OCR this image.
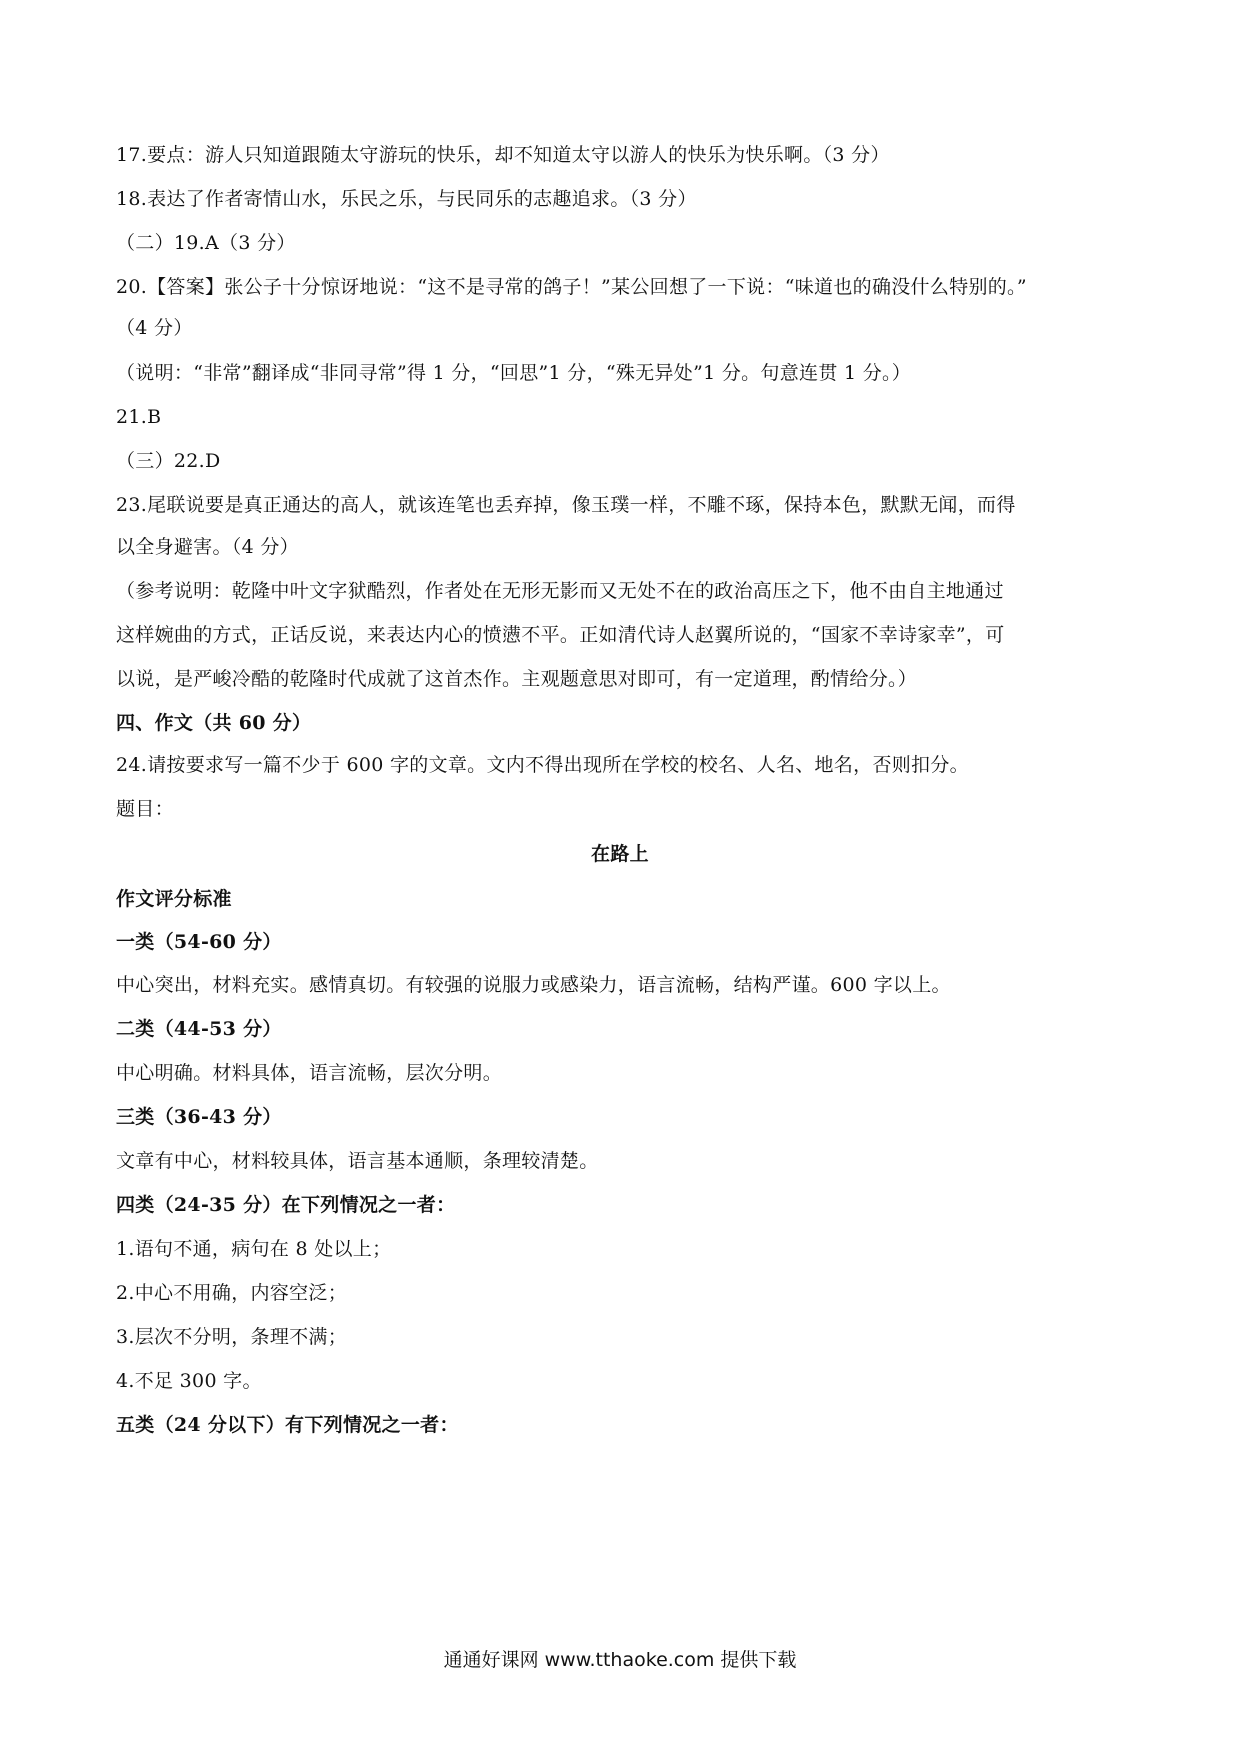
17.要点：游人只知道跟随太守游玩的快乐，却不知道太守以游人的快乐为快乐啊。（3 分）
18.表达了作者寄情山水，乐民之乐，与民同乐的志趣追求。（3 分）
（二）19.A（3 分）
20.【答案】张公子十分惊讶地说：“这不是寻常的鸽子！”某公回想了一下说：“味道也的确没什么特别的。”
（4 分）
（说明：“非常”翻译成“非同寻常”得 1 分，“回思”1 分，“殊无异处”1 分。句意连贯 1 分。）
21.B
（三）22.D
23.尾联说要是真正通达的高人，就该连笔也丢弃掉，像玉璞一样，不雕不琢，保持本色，默默无闻，而得
以全身避害。（4 分）
（参考说明：乾隆中叶文字狱酷烈，作者处在无形无影而又无处不在的政治高压之下，他不由自主地通过
这样婉曲的方式，正话反说，来表达内心的愤懑不平。正如清代诗人赵翼所说的，“国家不幸诗家幸”，可
以说，是严峻冷酷的乾隆时代成就了这首杰作。主观题意思对即可，有一定道理，酌情给分。）
四、作文（共 60 分）
24.请按要求写一篇不少于 600 字的文章。文内不得出现所在学校的校名、人名、地名，否则扣分。
题目：
在路上
作文评分标准
一类（54-60 分）
中心突出，材料充实。感情真切。有较强的说服力或感染力，语言流畅，结构严谨。600 字以上。
二类（44-53 分）
中心明确。材料具体，语言流畅，层次分明。
三类（36-43 分）
文章有中心，材料较具体，语言基本通顺，条理较清楚。
四类（24-35 分）在下列情况之一者：
1.语句不通，病句在 8 处以上；
2.中心不用确，内容空泛；
3.层次不分明，条理不满；
4.不足 300 字。
五类（24 分以下）有下列情况之一者：
通通好课网 www.tthaoke.com 提供下载
